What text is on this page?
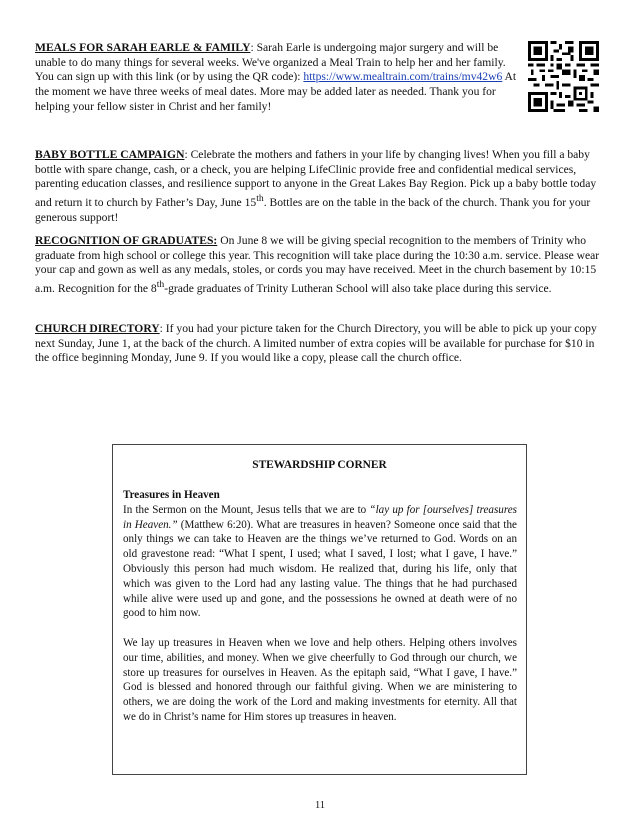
MEALS FOR SARAH EARLE & FAMILY: Sarah Earle is undergoing major surgery and will be unable to do many things for several weeks. We've organized a Meal Train to help her and her family. You can sign up with this link (or by using the QR code): https://www.mealtrain.com/trains/mv42w6 At the moment we have three weeks of meal dates. More may be added later as needed. Thank you for helping your fellow sister in Christ and her family!

BABY BOTTLE CAMPAIGN: Celebrate the mothers and fathers in your life by changing lives! When you fill a baby bottle with spare change, cash, or a check, you are helping LifeClinic provide free and confidential medical services, parenting education classes, and resilience support to anyone in the Great Lakes Bay Region. Pick up a baby bottle today and return it to church by Father’s Day, June 15th. Bottles are on the table in the back of the church. Thank you for your generous support!

RECOGNITION OF GRADUATES: On June 8 we will be giving special recognition to the members of Trinity who graduate from high school or college this year. This recognition will take place during the 10:30 a.m. service. Please wear your cap and gown as well as any medals, stoles, or cords you may have received. Meet in the church basement by 10:15 a.m. Recognition for the 8th-grade graduates of Trinity Lutheran School will also take place during this service.

CHURCH DIRECTORY: If you had your picture taken for the Church Directory, you will be able to pick up your copy next Sunday, June 1, at the back of the church. A limited number of extra copies will be available for purchase for $10 in the office beginning Monday, June 9. If you would like a copy, please call the church office.

STEWARDSHIP CORNER

Treasures in Heaven

In the Sermon on the Mount, Jesus tells that we are to “lay up for [ourselves] treasures in Heaven.” (Matthew 6:20). What are treasures in heaven? Someone once said that the only things we can take to Heaven are the things we’ve returned to God. Words on an old gravestone read: “What I spent, I used; what I saved, I lost; what I gave, I have.” Obviously this person had much wisdom. He realized that, during his life, only that which was given to the Lord had any lasting value. The things that he had purchased while alive were used up and gone, and the possessions he owned at death were of no good to him now.

We lay up treasures in Heaven when we love and help others. Helping others involves our time, abilities, and money. When we give cheerfully to God through our church, we store up treasures for ourselves in Heaven. As the epitaph said, “What I gave, I have.” God is blessed and honored through our faithful giving. When we are ministering to others, we are doing the work of the Lord and making investments for eternity. All that we do in Christ’s name for Him stores up treasures in heaven.

11
